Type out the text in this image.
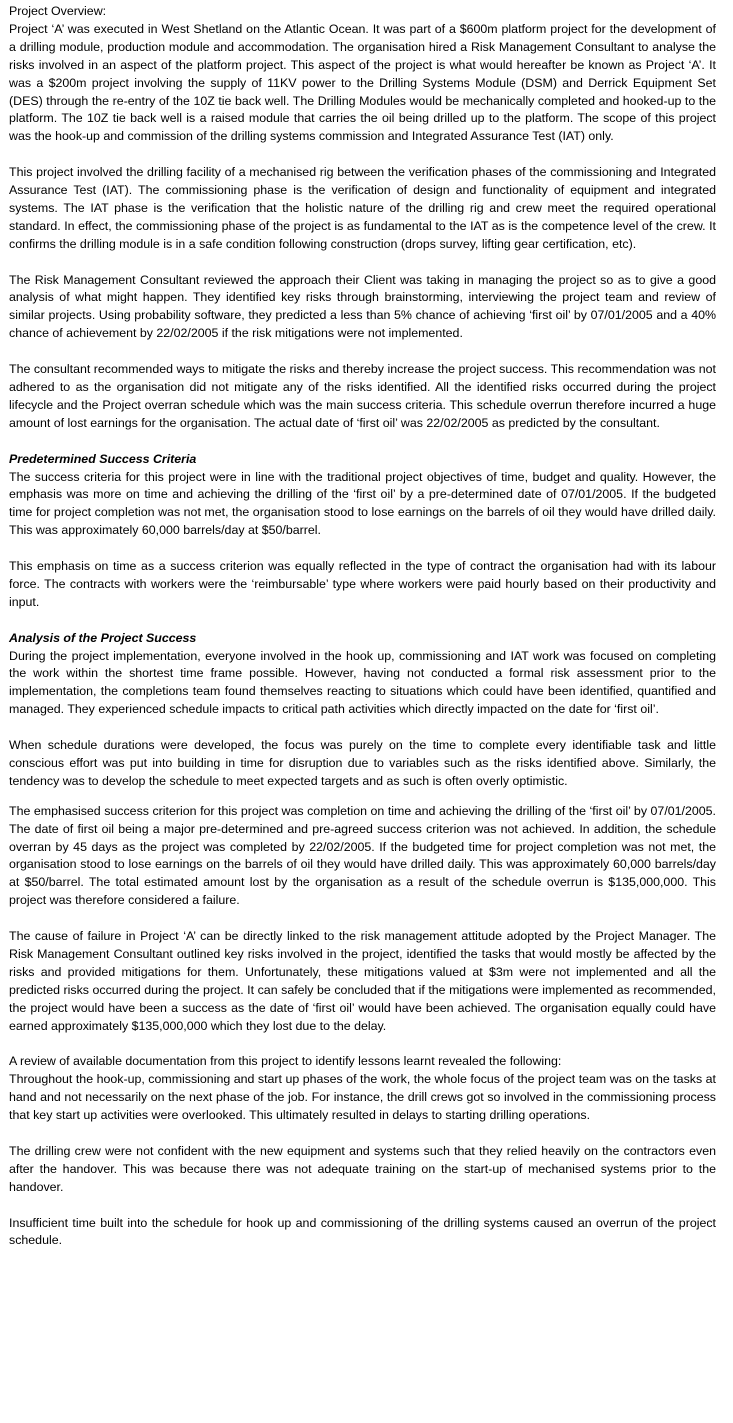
Project Overview:

Project ‘A’ was executed in West Shetland on the Atlantic Ocean. It was part of a $600m platform project for the development of a drilling module, production module and accommodation. The organisation hired a Risk Management Consultant to analyse the risks involved in an aspect of the platform project. This aspect of the project is what would hereafter be known as Project ‘A’. It was a $200m project involving the supply of 11KV power to the Drilling Systems Module (DSM) and Derrick Equipment Set (DES) through the re-entry of the 10Z tie back well. The Drilling Modules would be mechanically completed and hooked-up to the platform. The 10Z tie back well is a raised module that carries the oil being drilled up to the platform. The scope of this project was the hook-up and commission of the drilling systems commission and Integrated Assurance Test (IAT) only.

This project involved the drilling facility of a mechanised rig between the verification phases of the commissioning and Integrated Assurance Test (IAT). The commissioning phase is the verification of design and functionality of equipment and integrated systems. The IAT phase is the verification that the holistic nature of the drilling rig and crew meet the required operational standard. In effect, the commissioning phase of the project is as fundamental to the IAT as is the competence level of the crew. It confirms the drilling module is in a safe condition following construction (drops survey, lifting gear certification, etc).

The Risk Management Consultant reviewed the approach their Client was taking in managing the project so as to give a good analysis of what might happen. They identified key risks through brainstorming, interviewing the project team and review of similar projects. Using probability software, they predicted a less than 5% chance of achieving ‘first oil’ by 07/01/2005 and a 40% chance of achievement by 22/02/2005 if the risk mitigations were not implemented.

The consultant recommended ways to mitigate the risks and thereby increase the project success. This recommendation was not adhered to as the organisation did not mitigate any of the risks identified. All the identified risks occurred during the project lifecycle and the Project overran schedule which was the main success criteria. This schedule overrun therefore incurred a huge amount of lost earnings for the organisation. The actual date of ‘first oil’ was 22/02/2005 as predicted by the consultant.

Predetermined Success Criteria

The success criteria for this project were in line with the traditional project objectives of time, budget and quality. However, the emphasis was more on time and achieving the drilling of the ‘first oil’ by a pre-determined date of 07/01/2005. If the budgeted time for project completion was not met, the organisation stood to lose earnings on the barrels of oil they would have drilled daily. This was approximately 60,000 barrels/day at $50/barrel.

This emphasis on time as a success criterion was equally reflected in the type of contract the organisation had with its labour force. The contracts with workers were the ‘reimbursable’ type where workers were paid hourly based on their productivity and input.

Analysis of the Project Success

During the project implementation, everyone involved in the hook up, commissioning and IAT work was focused on completing the work within the shortest time frame possible. However, having not conducted a formal risk assessment prior to the implementation, the completions team found themselves reacting to situations which could have been identified, quantified and managed. They experienced schedule impacts to critical path activities which directly impacted on the date for ‘first oil’.

When schedule durations were developed, the focus was purely on the time to complete every identifiable task and little conscious effort was put into building in time for disruption due to variables such as the risks identified above. Similarly, the tendency was to develop the schedule to meet expected targets and as such is often overly optimistic.

The emphasised success criterion for this project was completion on time and achieving the drilling of the ‘first oil’ by 07/01/2005. The date of first oil being a major pre-determined and pre-agreed success criterion was not achieved. In addition, the schedule overran by 45 days as the project was completed by 22/02/2005. If the budgeted time for project completion was not met, the organisation stood to lose earnings on the barrels of oil they would have drilled daily. This was approximately 60,000 barrels/day at $50/barrel. The total estimated amount lost by the organisation as a result of the schedule overrun is $135,000,000. This project was therefore considered a failure.

The cause of failure in Project ‘A’ can be directly linked to the risk management attitude adopted by the Project Manager. The Risk Management Consultant outlined key risks involved in the project, identified the tasks that would mostly be affected by the risks and provided mitigations for them. Unfortunately, these mitigations valued at $3m were not implemented and all the predicted risks occurred during the project. It can safely be concluded that if the mitigations were implemented as recommended, the project would have been a success as the date of ‘first oil’ would have been achieved. The organisation equally could have earned approximately $135,000,000 which they lost due to the delay.

A review of available documentation from this project to identify lessons learnt revealed the following:

Throughout the hook-up, commissioning and start up phases of the work, the whole focus of the project team was on the tasks at hand and not necessarily on the next phase of the job. For instance, the drill crews got so involved in the commissioning process that key start up activities were overlooked. This ultimately resulted in delays to starting drilling operations.

The drilling crew were not confident with the new equipment and systems such that they relied heavily on the contractors even after the handover. This was because there was not adequate training on the start-up of mechanised systems prior to the handover.

Insufficient time built into the schedule for hook up and commissioning of the drilling systems caused an overrun of the project schedule.
